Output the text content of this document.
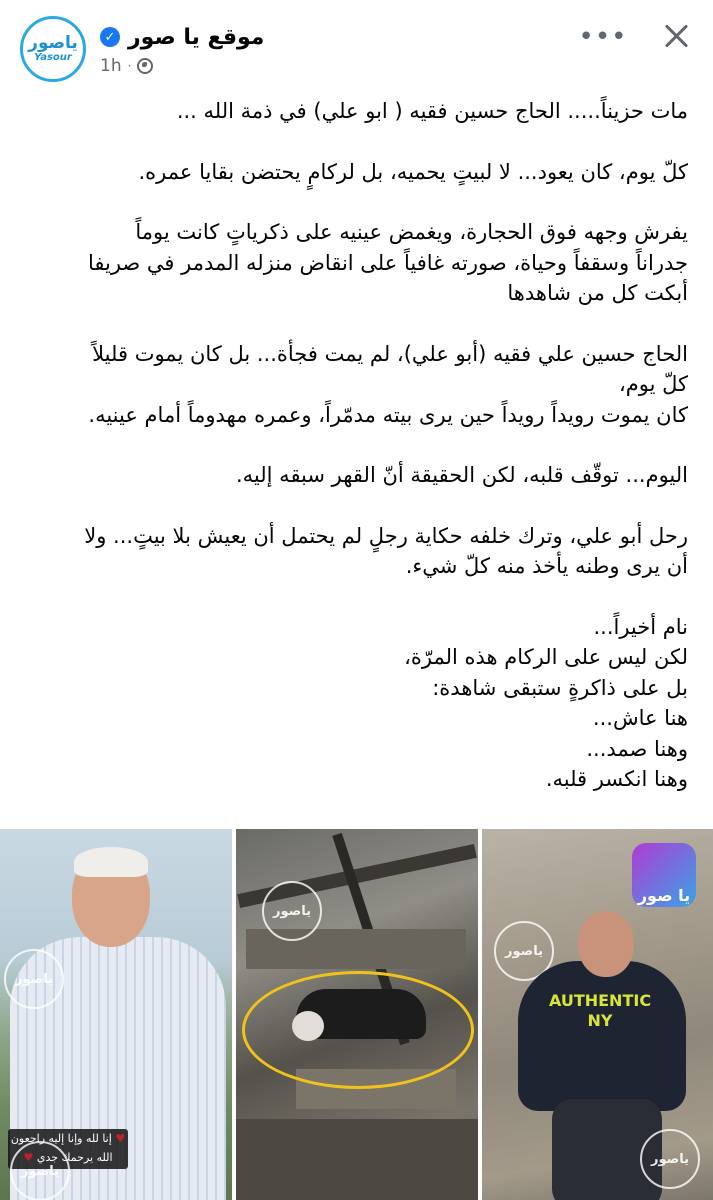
ياصور
Yasour
✓ موقع يا صور
1h ·
•••

مات حزيناً..... الحاج حسين فقيه ( ابو علي) في ذمة الله ...

كلّ يوم، كان يعود... لا لبيتٍ يحميه، بل لركامٍ يحتضن بقايا عمره.

يفرش وجهه فوق الحجارة، ويغمض عينيه على ذكرياتٍ كانت يوماً
جدراناً وسقفاً وحياة، صورته غافياً على انقاض منزله المدمر في صريفا
أبكت كل من شاهدها

الحاج حسين علي فقيه (أبو علي)، لم يمت فجأة... بل كان يموت قليلاً
كلّ يوم،
كان يموت رويداً رويداً حين يرى بيته مدمّراً، وعمره مهدوماً أمام عينيه.

اليوم... توقّف قلبه، لكن الحقيقة أنّ القهر سبقه إليه.

رحل أبو علي، وترك خلفه حكاية رجلٍ لم يحتمل أن يعيش بلا بيتٍ... ولا
أن يرى وطنه يأخذ منه كلّ شيء.

نام أخيراً...
لكن ليس على الركام هذه المرّة،
بل على ذاكرةٍ ستبقى شاهدة:
هنا عاش...
وهنا صمد...
وهنا انكسر قلبه.

ياصور
♥ إنا لله وإنا إليه راجعون
الله يرحمك جدي ♥
ياصور
ياصور
ياصور
يا صور
AUTHENTIC
NY
ياصور
